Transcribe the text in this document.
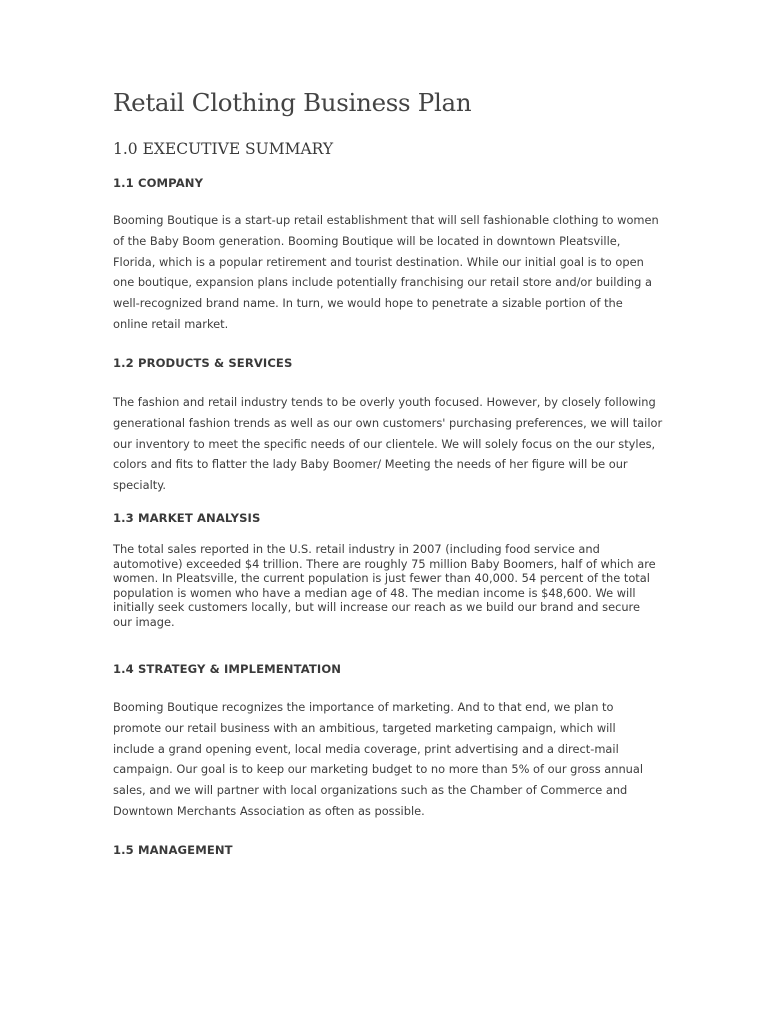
Retail Clothing Business Plan
1.0 EXECUTIVE SUMMARY
1.1 COMPANY
Booming Boutique is a start-up retail establishment that will sell fashionable clothing to women
of the Baby Boom generation. Booming Boutique will be located in downtown Pleatsville,
Florida, which is a popular retirement and tourist destination. While our initial goal is to open
one boutique, expansion plans include potentially franchising our retail store and/or building a
well-recognized brand name. In turn, we would hope to penetrate a sizable portion of the
online retail market.
1.2 PRODUCTS & SERVICES
The fashion and retail industry tends to be overly youth focused. However, by closely following
generational fashion trends as well as our own customers' purchasing preferences, we will tailor
our inventory to meet the specific needs of our clientele. We will solely focus on the our styles,
colors and fits to flatter the lady Baby Boomer/ Meeting the needs of her figure will be our
specialty.
1.3 MARKET ANALYSIS
The total sales reported in the U.S. retail industry in 2007 (including food service and
automotive) exceeded $4 trillion. There are roughly 75 million Baby Boomers, half of which are
women. In Pleatsville, the current population is just fewer than 40,000. 54 percent of the total
population is women who have a median age of 48. The median income is $48,600. We will
initially seek customers locally, but will increase our reach as we build our brand and secure
our image.
1.4 STRATEGY & IMPLEMENTATION
Booming Boutique recognizes the importance of marketing. And to that end, we plan to
promote our retail business with an ambitious, targeted marketing campaign, which will
include a grand opening event, local media coverage, print advertising and a direct-mail
campaign. Our goal is to keep our marketing budget to no more than 5% of our gross annual
sales, and we will partner with local organizations such as the Chamber of Commerce and
Downtown Merchants Association as often as possible.
1.5 MANAGEMENT
